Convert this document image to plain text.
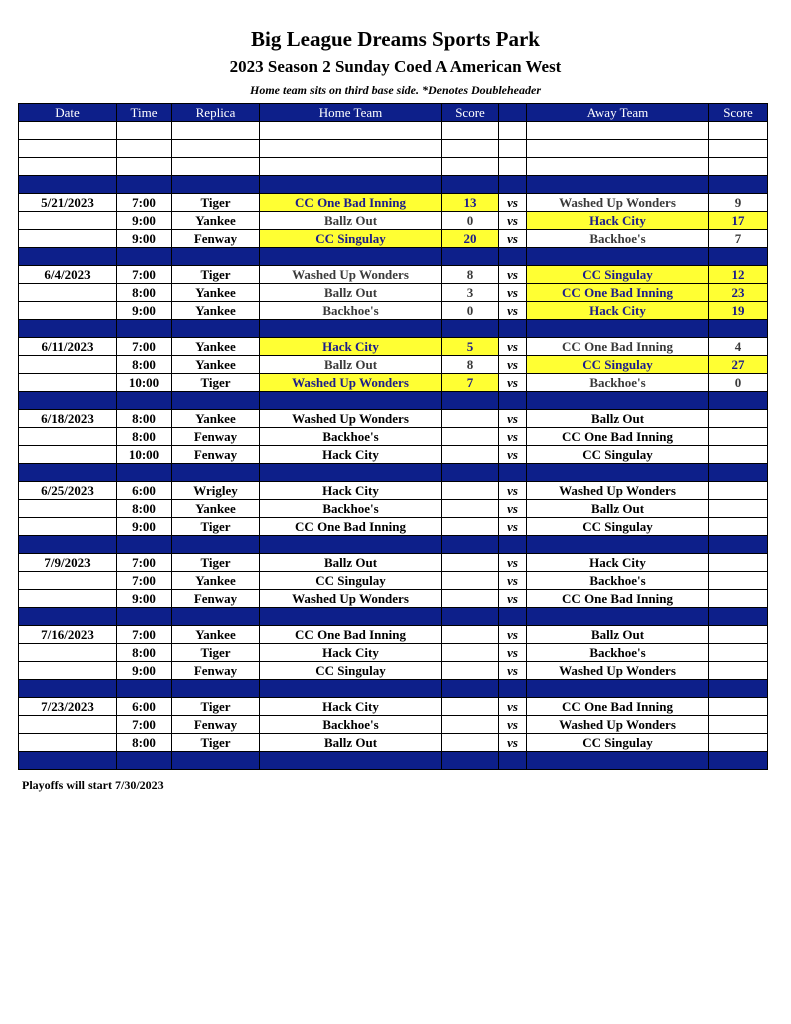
Big League Dreams Sports Park
2023 Season 2 Sunday Coed A American West
Home team sits on third base side. *Denotes Doubleheader
Date	Time	Replica	Home Team	Score		Away Team	Score

5/21/2023	7:00	Tiger	CC One Bad Inning	13	vs	Washed Up Wonders	9
	9:00	Yankee	Ballz Out	0	vs	Hack City	17
	9:00	Fenway	CC Singulay	20	vs	Backhoe's	7

6/4/2023	7:00	Tiger	Washed Up Wonders	8	vs	CC Singulay	12
	8:00	Yankee	Ballz Out	3	vs	CC One Bad Inning	23
	9:00	Yankee	Backhoe's	0	vs	Hack City	19

6/11/2023	7:00	Yankee	Hack City	5	vs	CC One Bad Inning	4
	8:00	Yankee	Ballz Out	8	vs	CC Singulay	27
	10:00	Tiger	Washed Up Wonders	7	vs	Backhoe's	0

6/18/2023	8:00	Yankee	Washed Up Wonders		vs	Ballz Out	
	8:00	Fenway	Backhoe's		vs	CC One Bad Inning	
	10:00	Fenway	Hack City		vs	CC Singulay	

6/25/2023	6:00	Wrigley	Hack City		vs	Washed Up Wonders	
	8:00	Yankee	Backhoe's		vs	Ballz Out	
	9:00	Tiger	CC One Bad Inning		vs	CC Singulay	

7/9/2023	7:00	Tiger	Ballz Out		vs	Hack City	
	7:00	Yankee	CC Singulay		vs	Backhoe's	
	9:00	Fenway	Washed Up Wonders		vs	CC One Bad Inning	

7/16/2023	7:00	Yankee	CC One Bad Inning		vs	Ballz Out	
	8:00	Tiger	Hack City		vs	Backhoe's	
	9:00	Fenway	CC Singulay		vs	Washed Up Wonders	

7/23/2023	6:00	Tiger	Hack City		vs	CC One Bad Inning	
	7:00	Fenway	Backhoe's		vs	Washed Up Wonders	
	8:00	Tiger	Ballz Out		vs	CC Singulay	

Playoffs will start 7/30/2023
